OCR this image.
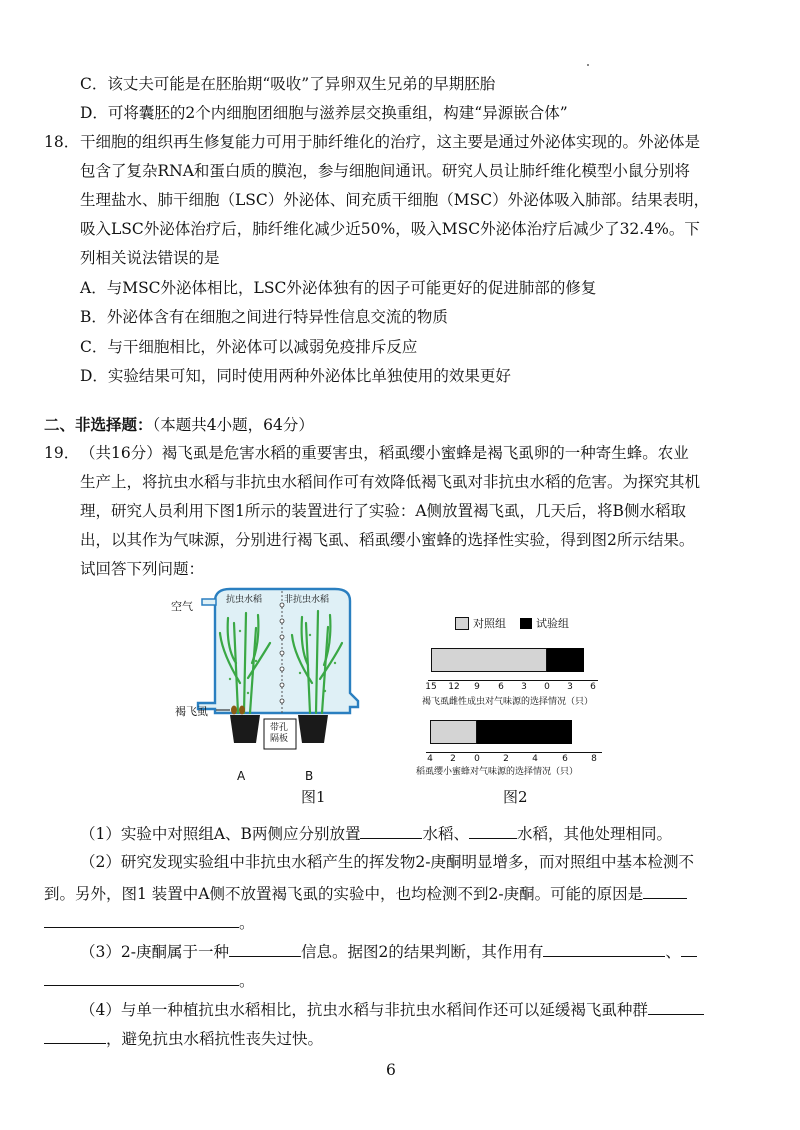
C．该丈夫可能是在胚胎期“吸收”了异卵双生兄弟的早期胚胎
D．可将囊胚的2个内细胞团细胞与滋养层交换重组，构建“异源嵌合体”
18． 干细胞的组织再生修复能力可用于肺纤维化的治疗，这主要是通过外泌体实现的。外泌体是
包含了复杂RNA和蛋白质的膜泡，参与细胞间通讯。研究人员让肺纤维化模型小鼠分别将
生理盐水、肺干细胞（LSC）外泌体、间充质干细胞（MSC）外泌体吸入肺部。结果表明，
吸入LSC外泌体治疗后，肺纤维化减少近50%，吸入MSC外泌体治疗后减少了32.4%。下
列相关说法错误的是
A．与MSC外泌体相比，LSC外泌体独有的因子可能更好的促进肺部的修复
B．外泌体含有在细胞之间进行特异性信息交流的物质
C．与干细胞相比，外泌体可以减弱免疫排斥反应
D．实验结果可知，同时使用两种外泌体比单独使用的效果更好
二、非选择题：（本题共4小题，64分）
19． （共16分）褐飞虱是危害水稻的重要害虫，稻虱缨小蜜蜂是褐飞虱卵的一种寄生蜂。农业
生产上，将抗虫水稻与非抗虫水稻间作可有效降低褐飞虱对非抗虫水稻的危害。为探究其机
理，研究人员利用下图1所示的装置进行了实验：A侧放置褐飞虱，几天后，将B侧水稻取
出，以其作为气味源，分别进行褐飞虱、稻虱缨小蜜蜂的选择性实验，得到图2所示结果。
试回答下列问题：
抗虫水稻 非抗虫水稻
空气
褐飞虱
带孔隔板
A	B
图1
对照组	试验组
15 12 9 6 3 0 3 6
褐飞虱雌性成虫对气味源的选择情况（只）
4 2 0	2	4	6	8
稻虱缨小蜜蜂对气味源的选择情况（只）
图2
（1）实验中对照组A、B两侧应分别放置	水稻、	水稻，其他处理相同。
（2）研究发现实验组中非抗虫水稻产生的挥发物2-庚酮明显增多，而对照组中基本检测不
到。另外，图1 装置中A侧不放置褐飞虱的实验中，也均检测不到2-庚酮。可能的原因是
。
（3）2-庚酮属于一种	信息。据图2的结果判断，其作用有	、
。
（4）与单一种植抗虫水稻相比，抗虫水稻与非抗虫水稻间作还可以延缓褐飞虱种群
，避免抗虫水稻抗性丧失过快。
6
